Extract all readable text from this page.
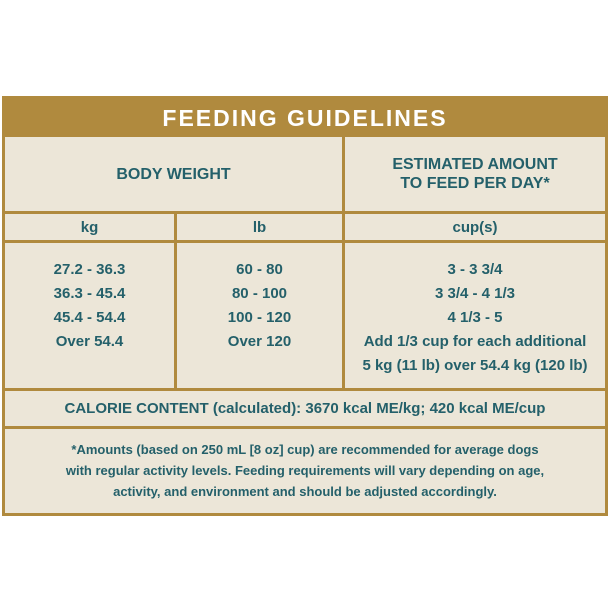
FEEDING GUIDELINES
BODY WEIGHT
ESTIMATED AMOUNT
TO FEED PER DAY*
kg	lb	cup(s)
27.2 - 36.3
36.3 - 45.4
45.4 - 54.4
Over 54.4
60 - 80
80 - 100
100 - 120
Over 120
3 - 3 3/4
3 3/4 - 4 1/3
4 1/3 - 5
Add 1/3 cup for each additional
5 kg (11 lb) over 54.4 kg (120 lb)
CALORIE CONTENT (calculated): 3670 kcal ME/kg; 420 kcal ME/cup
*Amounts (based on 250 mL [8 oz] cup) are recommended for average dogs
with regular activity levels. Feeding requirements will vary depending on age,
activity, and environment and should be adjusted accordingly.
